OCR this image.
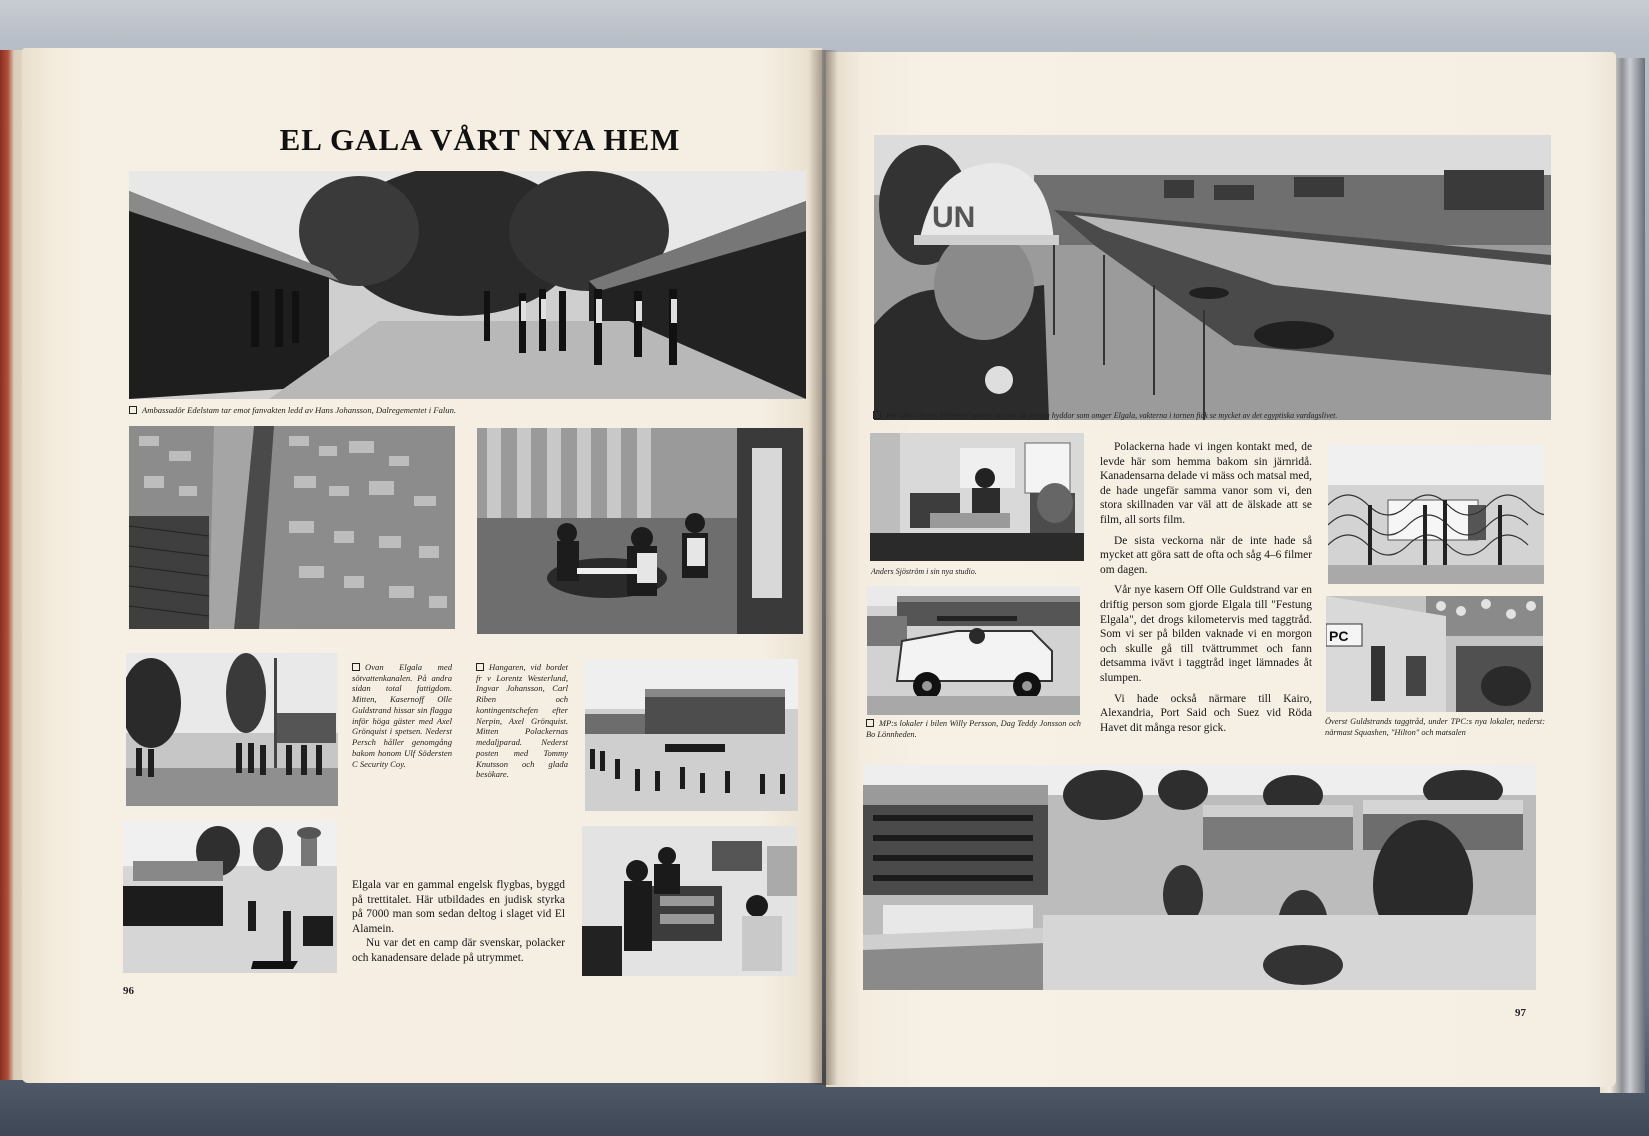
EL GALA VÅRT NYA HEM
Ambassadör Edelstam tar emot fanvakten ledd av Hans Johansson, Dalregementet i Falun.
Ovan Elgala med sötvattenkanalen. På andra sidan total fattigdom. Mitten, Kasernoff Olle Guldstrand hissar sin flagga inför höga gäster med Axel Grönquist i spetsen. Nederst Persch håller genomgång bakom honom Ulf Södersten C Security Coy.
Hangaren, vid bordet fr v Lorentz Westerlund, Ingvar Johansson, Carl Riben och kontingentschefen efter Nerpin, Axel Grönquist. Mitten Polackernas medaljparad. Nederst posten med Tommy Knutsson och glada besökare.

Elgala var en gammal engelsk flygbas, byggd på trettitalet. Här utbildades en judisk styrka på 7000 man som sedan deltog i slaget vid El Alamein.

Nu var det en camp där svenskar, polacker och kanadensare delade på utrymmet.

96
UN
Per Ola Olsson, Filipstad spanar ut över de fattiga hyddor som omger Elgala, vakterna i tornen fick se mycket av det egyptiska vardagslivet.
Anders Sjöström i sin nya studio.
MP:s lokaler i bilen Willy Persson, Dag Teddy Jonsson och Bo Lönnheden.

Polackerna hade vi ingen kontakt med, de levde här som hemma bakom sin järnridå. Kanadensarna delade vi mäss och matsal med, de hade ungefär samma vanor som vi, den stora skillnaden var väl att de älskade att se film, all sorts film.

De sista veckorna när de inte hade så mycket att göra satt de ofta och såg 4–6 filmer om dagen.

Vår nye kasern Off Olle Guldstrand var en driftig person som gjorde Elgala till "Festung Elgala", det drogs kilometervis med taggtråd. Som vi ser på bilden vaknade vi en morgon och skulle gå till tvättrummet och fann detsamma ivävt i taggtråd inget lämnades åt slumpen.

Vi hade också närmare till Kairo, Alexandria, Port Said och Suez vid Röda Havet dit många resor gick.

PC
Överst Guldstrands taggtråd, under TPC:s nya lokaler, nederst: närmast Squashen, "Hilton" och matsalen
97
